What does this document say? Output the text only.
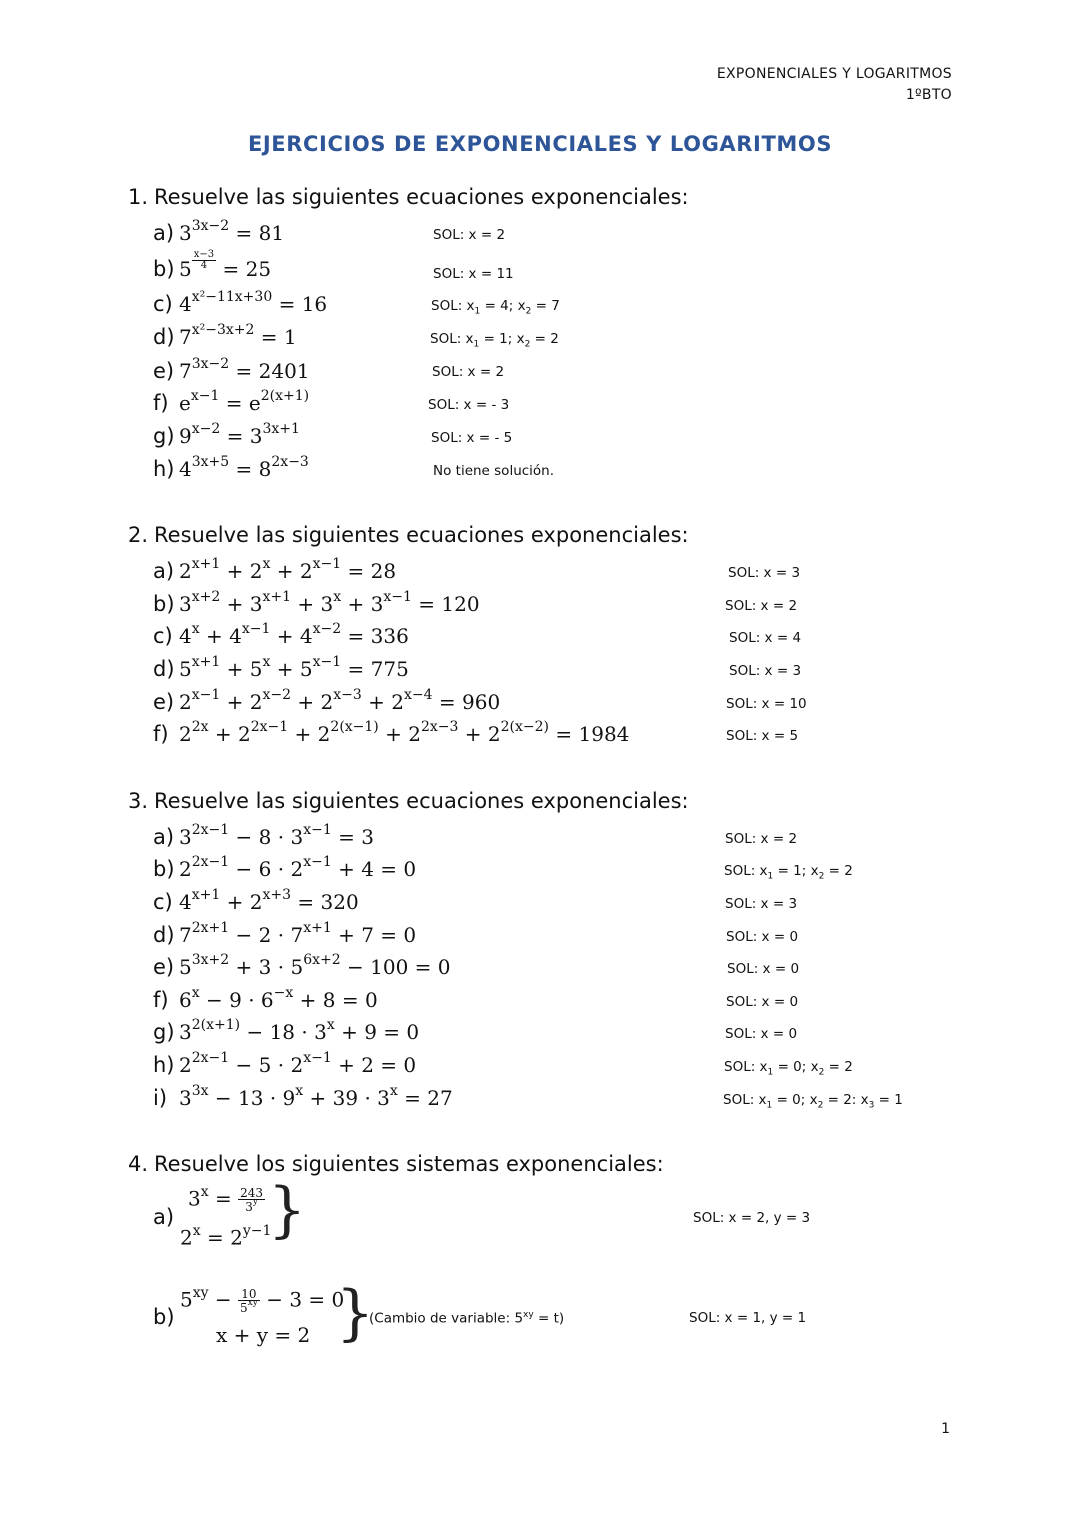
EXPONENCIALES Y LOGARITMOS
1ºBTO
EJERCICIOS DE EXPONENCIALES Y LOGARITMOS
1. Resuelve las siguientes ecuaciones exponenciales:
a) $3^{3x-2} = 81$	SOL: x = 2
b) $5 \frac{x-3}{4} = 25$	SOL: x = 11
c) $4^{x^2-11x+30} = 16$	SOL: $x_1 = 4$; $x_2 = 7$
d) $7^{x^2-3x+2} = 1$	SOL: $x_1 = 1$; $x_2 = 2$
e) $7^{3x-2} = 2401$	SOL: x = 2
f) $e^{x-1} = e^{2(x+1)}$
SOL: x = - 3
g) $9^{x-2} = 3^{3x+1}$
SOL: x = - 5
h) $4^{3x+5} = 8^{2x-3}$
No tiene solución.
2. Resuelve las siguientes ecuaciones exponenciales:
a) $2^{x+1} + 2^x + 2^{x-1} = 28$	SOL: x = 3
b) $3^{x+2} + 3^{x+1} + 3^x + 3^{x-1} = 120$	SOL: x = 2
c) $4^x + 4^{x-1} + 4^{x-2} = 336$	SOL: x = 4
d) $5^{x+1} + 5^x + 5^{x-1} = 775$	SOL: x = 3
e) $2^{x-1} + 2^{x-2} + 2^{x-3} + 2^{x-4} = 960$	SOL: x = 10
f) $2^{2x} + 2^{2x-1} + 2^{2(x-1)} + 2^{2x-3} + 2^{2(x-2)} = 1984$	SOL: x = 5
3. Resuelve las siguientes ecuaciones exponenciales:
a) $3^{2x-1} - 8 \cdot 3^{x-1} = 3$	SOL: x = 2
b) $2^{2x-1} - 6 \cdot 2^{x-1} + 4 = 0$	SOL: $x_1 = 1$; $x_2 = 2$
c) $4^{x+1} + 2^{x+3} = 320$	SOL: x = 3
d) $7^{2x+1} - 2 \cdot 7^{x+1} + 7 = 0$	SOL: x = 0
e) $5^{3x+2} + 3 \cdot 5^{6x+2} - 100 = 0$	SOL: x = 0
f) $6^x - 9 \cdot 6^{-x} + 8 = 0$	SOL: x = 0
g) $3^{2(x+1)} - 18 \cdot 3^x + 9 = 0$	SOL: x = 0
h) $2^{2x-1} - 5 \cdot 2^{x-1} + 2 = 0$	SOL: $x_1 = 0$; $x_2 = 2$
i) $3^{3x} - 13 \cdot 9^x + 39 \cdot 3^x = 27$	SOL: $x_1 = 0$; $x_2 = 2$: $x_3 = 1$
4. Resuelve los siguientes sistemas exponenciales:
a)
$3^x = \frac{243}{3^y}$
$2^x = 2^{y-1}$
}	SOL: x = 2, y = 3
b)
$5^{xy} - \frac{10}{5^{xy}} - 3 = 0$
x + y = 2 }
(Cambio de variable: $5^{xy} = t$)	SOL: x = 1, y = 1
1
